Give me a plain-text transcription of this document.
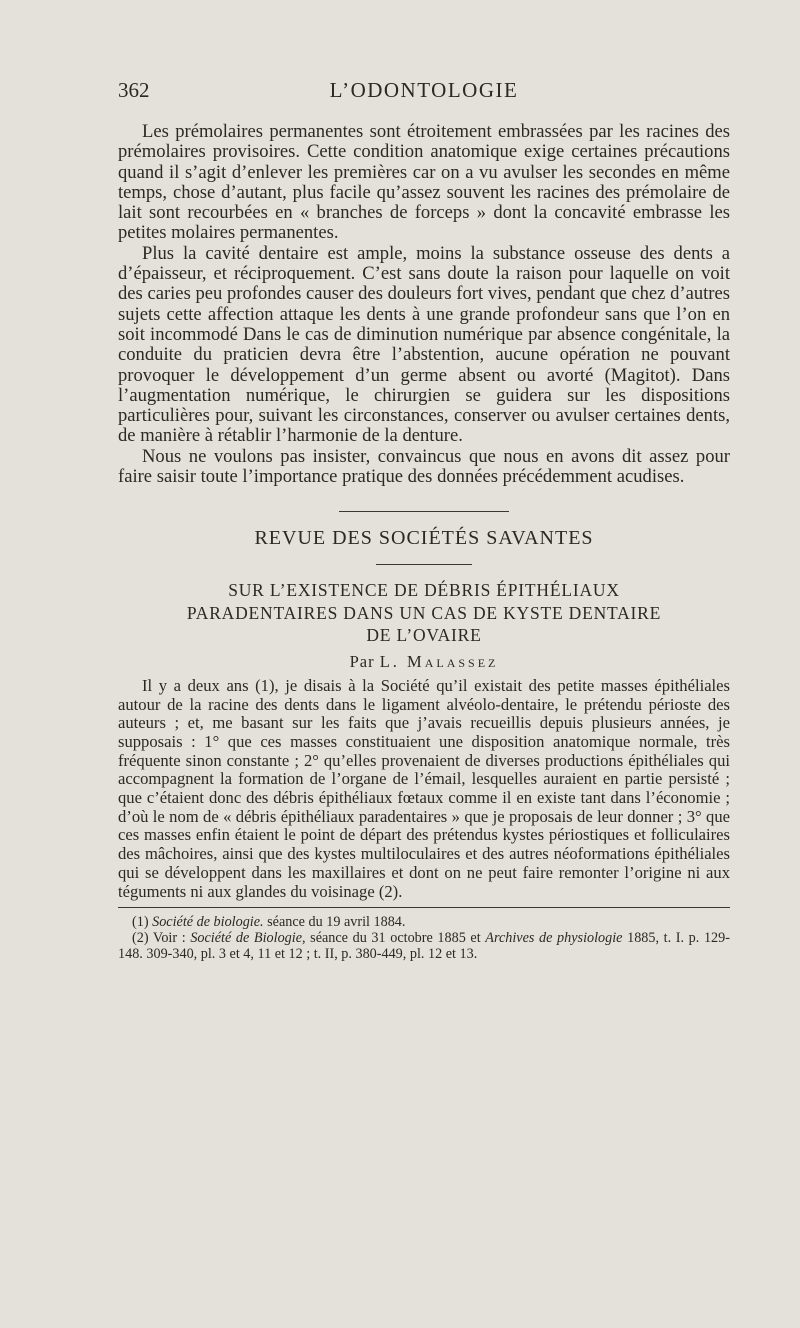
362	L’ODONTOLOGIE

Les prémolaires permanentes sont étroitement embrassées par les racines des prémolaires provisoires. Cette condition anatomique exige certaines précautions quand il s’agit d’enlever les premières car on a vu avulser les secondes en même temps, chose d’autant, plus facile qu’assez souvent les racines des prémolaire de lait sont recourbées en « branches de forceps » dont la concavité embrasse les petites molaires permanentes.

Plus la cavité dentaire est ample, moins la substance osseuse des dents a d’épaisseur, et réciproquement. C’est sans doute la raison pour laquelle on voit des caries peu profondes causer des douleurs fort vives, pendant que chez d’autres sujets cette affection attaque les dents à une grande profondeur sans que l’on en soit incommodé Dans le cas de diminution numérique par absence congénitale, la conduite du praticien devra être l’abstention, aucune opération ne pouvant provoquer le développement d’un germe absent ou avorté (Magitot). Dans l’augmentation numérique, le chirurgien se guidera sur les dispositions particulières pour, suivant les circonstances, conserver ou avulser certaines dents, de manière à rétablir l’harmonie de la denture.

Nous ne voulons pas insister, convaincus que nous en avons dit assez pour faire saisir toute l’importance pratique des données précédemment acudises.

REVUE DES SOCIÉTÉS SAVANTES
SUR L’EXISTENCE DE DÉBRIS ÉPITHÉLIAUX
PARADENTAIRES DANS UN CAS DE KYSTE DENTAIRE
DE L’OVAIRE
Par L. Malassez

Il y a deux ans (1), je disais à la Société qu’il existait des petite masses épithéliales autour de la racine des dents dans le ligament alvéolo-dentaire, le prétendu périoste des auteurs ; et, me basant sur les faits que j’avais recueillis depuis plusieurs années, je supposais : 1° que ces masses constituaient une disposition anatomique normale, très fréquente sinon constante ; 2° qu’elles provenaient de diverses productions épithéliales qui accompagnent la formation de l’organe de l’émail, lesquelles auraient en partie persisté ; que c’étaient donc des débris épithéliaux fœtaux comme il en existe tant dans l’économie ; d’où le nom de « débris épithéliaux paradentaires » que je proposais de leur donner ; 3° que ces masses enfin étaient le point de départ des prétendus kystes périostiques et folliculaires des mâchoires, ainsi que des kystes multiloculaires et des autres néoformations épithéliales qui se développent dans les maxillaires et dont on ne peut faire remonter l’origine ni aux téguments ni aux glandes du voisinage (2).

(1) Société de biologie. séance du 19 avril 1884.
(2) Voir : Société de Biologie, séance du 31 octobre 1885 et Archives de physiologie 1885, t. I. p. 129-148. 309-340, pl. 3 et 4, 11 et 12 ; t. II, p. 380-449, pl. 12 et 13.
